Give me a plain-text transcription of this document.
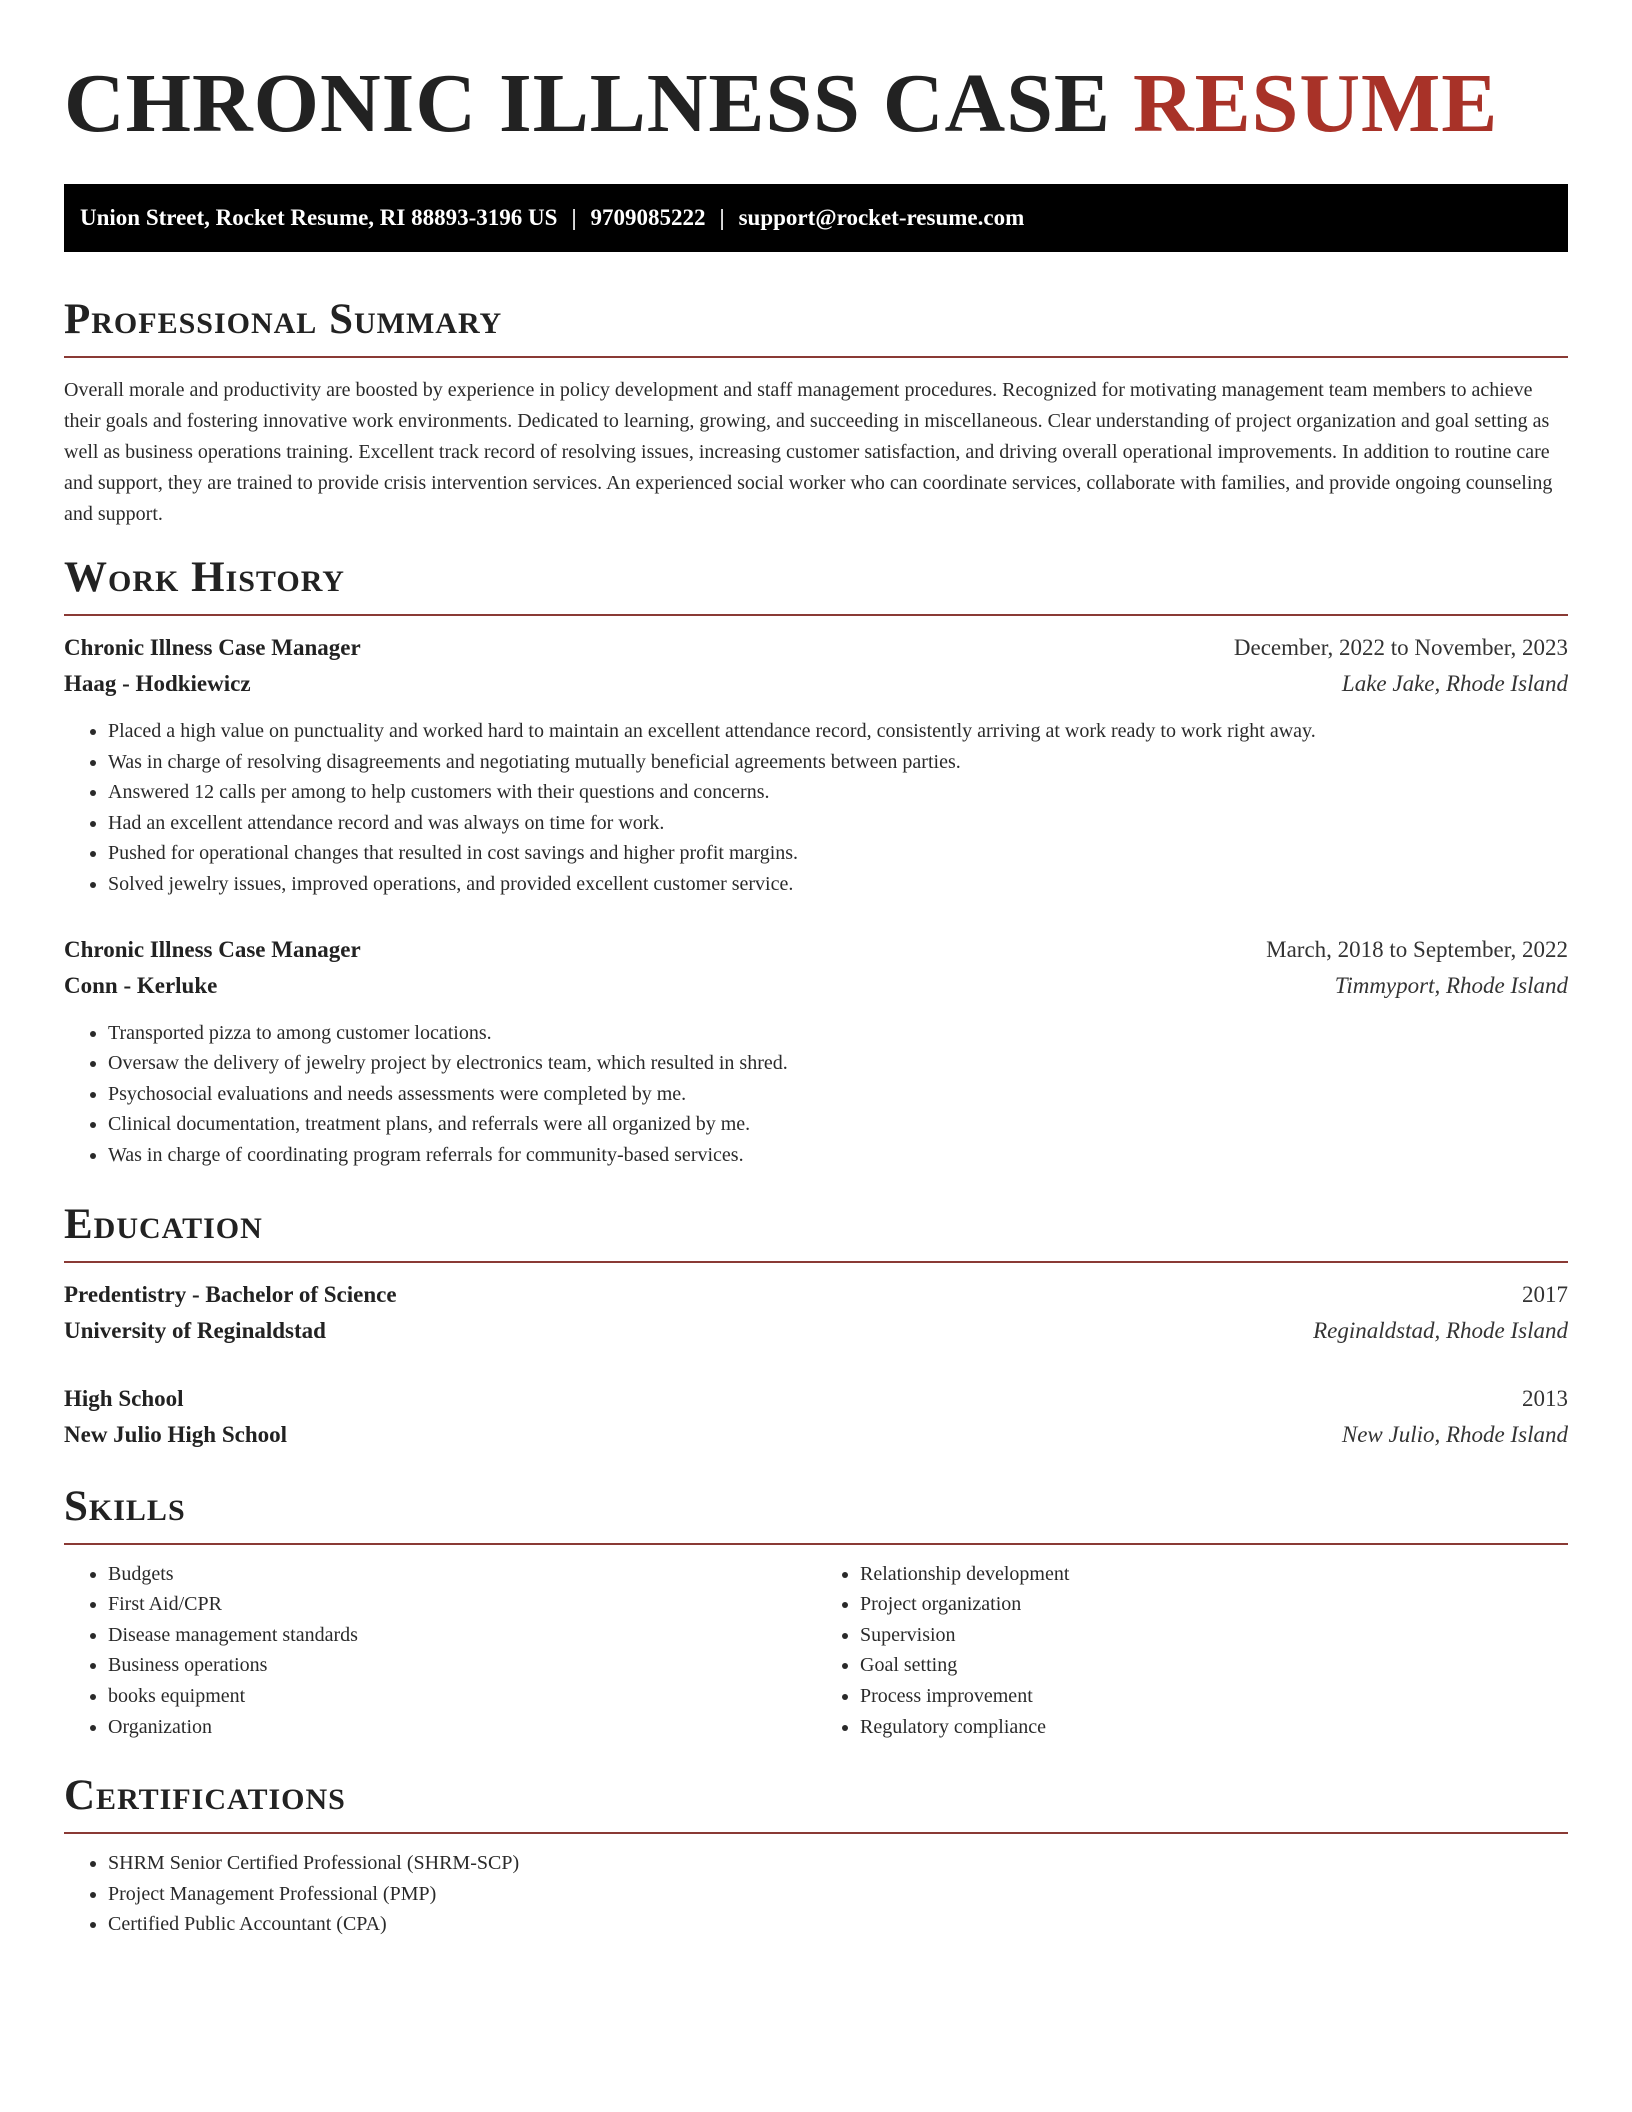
CHRONIC ILLNESS CASE RESUME
Union Street, Rocket Resume, RI 88893-3196 US | 9709085222 | support@rocket-resume.com
Professional Summary

Overall morale and productivity are boosted by experience in policy development and staff management procedures. Recognized for motivating management team members to achieve their goals and fostering innovative work environments. Dedicated to learning, growing, and succeeding in miscellaneous. Clear understanding of project organization and goal setting as well as business operations training. Excellent track record of resolving issues, increasing customer satisfaction, and driving overall operational improvements. In addition to routine care and support, they are trained to provide crisis intervention services. An experienced social worker who can coordinate services, collaborate with families, and provide ongoing counseling and support.

Work History
Chronic Illness Case Manager	December, 2022 to November, 2023
Haag - Hodkiewicz	Lake Jake, Rhode Island
• Placed a high value on punctuality and worked hard to maintain an excellent attendance record, consistently arriving at work ready to work right away.
• Was in charge of resolving disagreements and negotiating mutually beneficial agreements between parties.
• Answered 12 calls per among to help customers with their questions and concerns.
• Had an excellent attendance record and was always on time for work.
• Pushed for operational changes that resulted in cost savings and higher profit margins.
• Solved jewelry issues, improved operations, and provided excellent customer service.
Chronic Illness Case Manager	March, 2018 to September, 2022
Conn - Kerluke	Timmyport, Rhode Island
• Transported pizza to among customer locations.
• Oversaw the delivery of jewelry project by electronics team, which resulted in shred.
• Psychosocial evaluations and needs assessments were completed by me.
• Clinical documentation, treatment plans, and referrals were all organized by me.
• Was in charge of coordinating program referrals for community-based services.
Education
Predentistry - Bachelor of Science	2017
University of Reginaldstad	Reginaldstad, Rhode Island
High School	2013
New Julio High School	New Julio, Rhode Island
Skills
• Budgets
• First Aid/CPR
• Disease management standards
• Business operations
• books equipment
• Organization
• Relationship development
• Project organization
• Supervision
• Goal setting
• Process improvement
• Regulatory compliance
Certifications
• SHRM Senior Certified Professional (SHRM-SCP)
• Project Management Professional (PMP)
• Certified Public Accountant (CPA)
